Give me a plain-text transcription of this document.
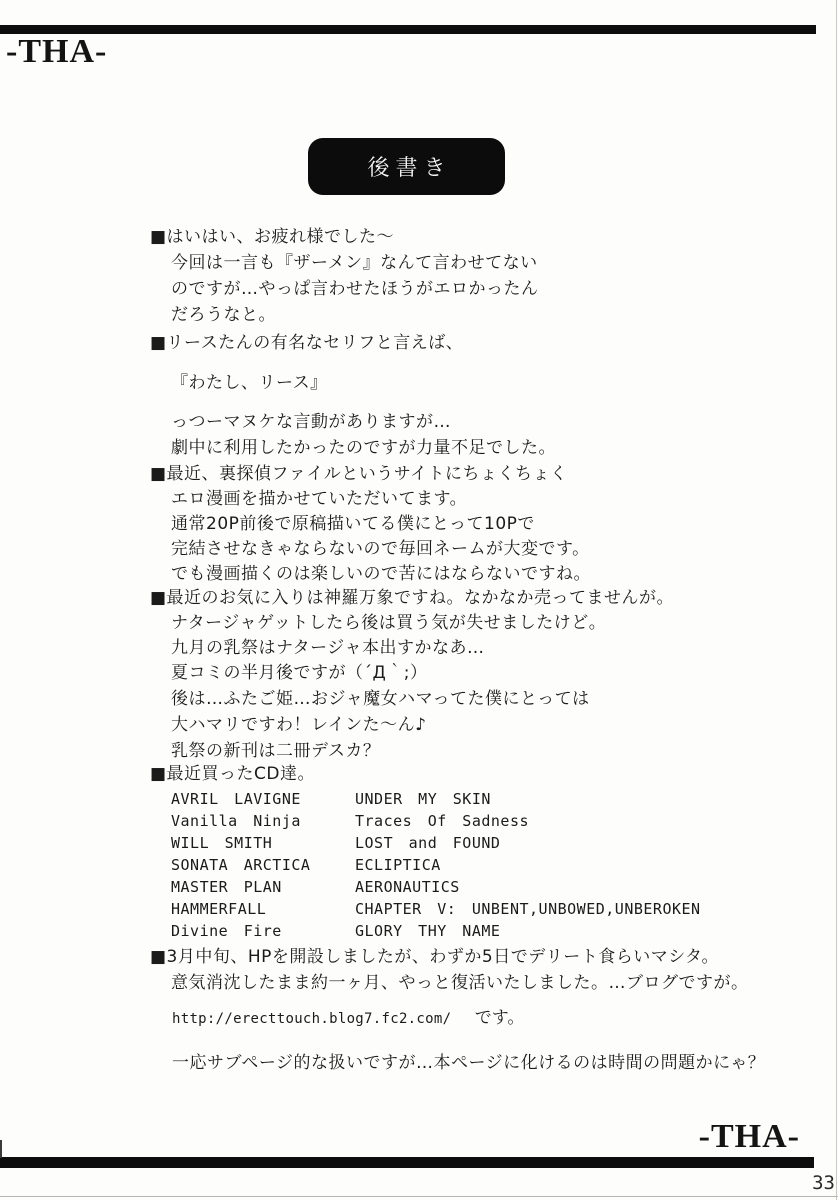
-THA-
後書き
■はいはい、お疲れ様でした～
今回は一言も『ザーメン』なんて言わせてない
のですが…やっぱ言わせたほうがエロかったん
だろうなと。
■リースたんの有名なセリフと言えば、
『わたし、リース』
っつーマヌケな言動がありますが…
劇中に利用したかったのですが力量不足でした。
■最近、裏探偵ファイルというサイトにちょくちょく
エロ漫画を描かせていただいてます。
通常20P前後で原稿描いてる僕にとって10Pで
完結させなきゃならないので毎回ネームが大変です。
でも漫画描くのは楽しいので苦にはならないですね。
■最近のお気に入りは神羅万象ですね。なかなか売ってませんが。
ナタージャゲットしたら後は買う気が失せましたけど。
九月の乳祭はナタージャ本出すかなあ…
夏コミの半月後ですが（´Д｀;）
後は…ふたご姫…おジャ魔女ハマってた僕にとっては
大ハマリですわ！レインた～ん♪
乳祭の新刊は二冊デスカ？
■最近買ったCD達。
AVRIL LAVIGNE	UNDER MY SKIN
Vanilla Ninja	Traces Of Sadness
WILL SMITH	LOST and FOUND
SONATA ARCTICA	ECLIPTICA
MASTER PLAN	AERONAUTICS
HAMMERFALL	CHAPTER V: UNBENT,UNBOWED,UNBEROKEN
Divine Fire	GLORY THY NAME
■3月中旬、HPを開設しましたが、わずか5日でデリート食らいマシタ。
意気消沈したまま約一ヶ月、やっと復活いたしました。…ブログですが。
http://erecttouch.blog7.fc2.com/ です。
一応サブページ的な扱いですが…本ページに化けるのは時間の問題かにゃ？
-THA-
33
